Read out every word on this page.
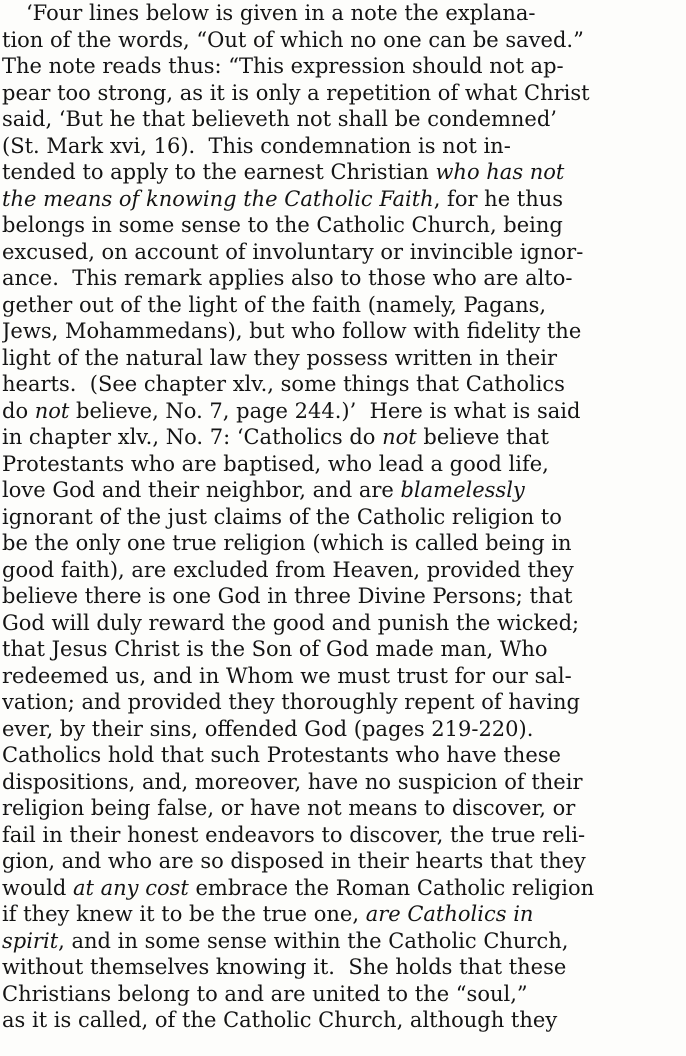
‘Four lines below is given in a note the explana-
tion of the words, “Out of which no one can be saved.”
The note reads thus: “This expression should not ap-
pear too strong, as it is only a repetition of what Christ
said, ‘But he that believeth not shall be condemned’
(St. Mark xvi, 16).  This condemnation is not in-
tended to apply to the earnest Christian who has not
the means of knowing the Catholic Faith, for he thus
belongs in some sense to the Catholic Church, being
excused, on account of involuntary or invincible ignor-
ance.  This remark applies also to those who are alto-
gether out of the light of the faith (namely, Pagans,
Jews, Mohammedans), but who follow with fidelity the
light of the natural law they possess written in their
hearts.  (See chapter xlv., some things that Catholics
do not believe, No. 7, page 244.)’  Here is what is said
in chapter xlv., No. 7: ‘Catholics do not believe that
Protestants who are baptised, who lead a good life,
love God and their neighbor, and are blamelessly
ignorant of the just claims of the Catholic religion to
be the only one true religion (which is called being in
good faith), are excluded from Heaven, provided they
believe there is one God in three Divine Persons; that
God will duly reward the good and punish the wicked;
that Jesus Christ is the Son of God made man, Who
redeemed us, and in Whom we must trust for our sal-
vation; and provided they thoroughly repent of having
ever, by their sins, offended God (pages 219-220).
Catholics hold that such Protestants who have these
dispositions, and, moreover, have no suspicion of their
religion being false, or have not means to discover, or
fail in their honest endeavors to discover, the true reli-
gion, and who are so disposed in their hearts that they
would at any cost embrace the Roman Catholic religion
if they knew it to be the true one, are Catholics in
spirit, and in some sense within the Catholic Church,
without themselves knowing it.  She holds that these
Christians belong to and are united to the “soul,”
as it is called, of the Catholic Church, although they
